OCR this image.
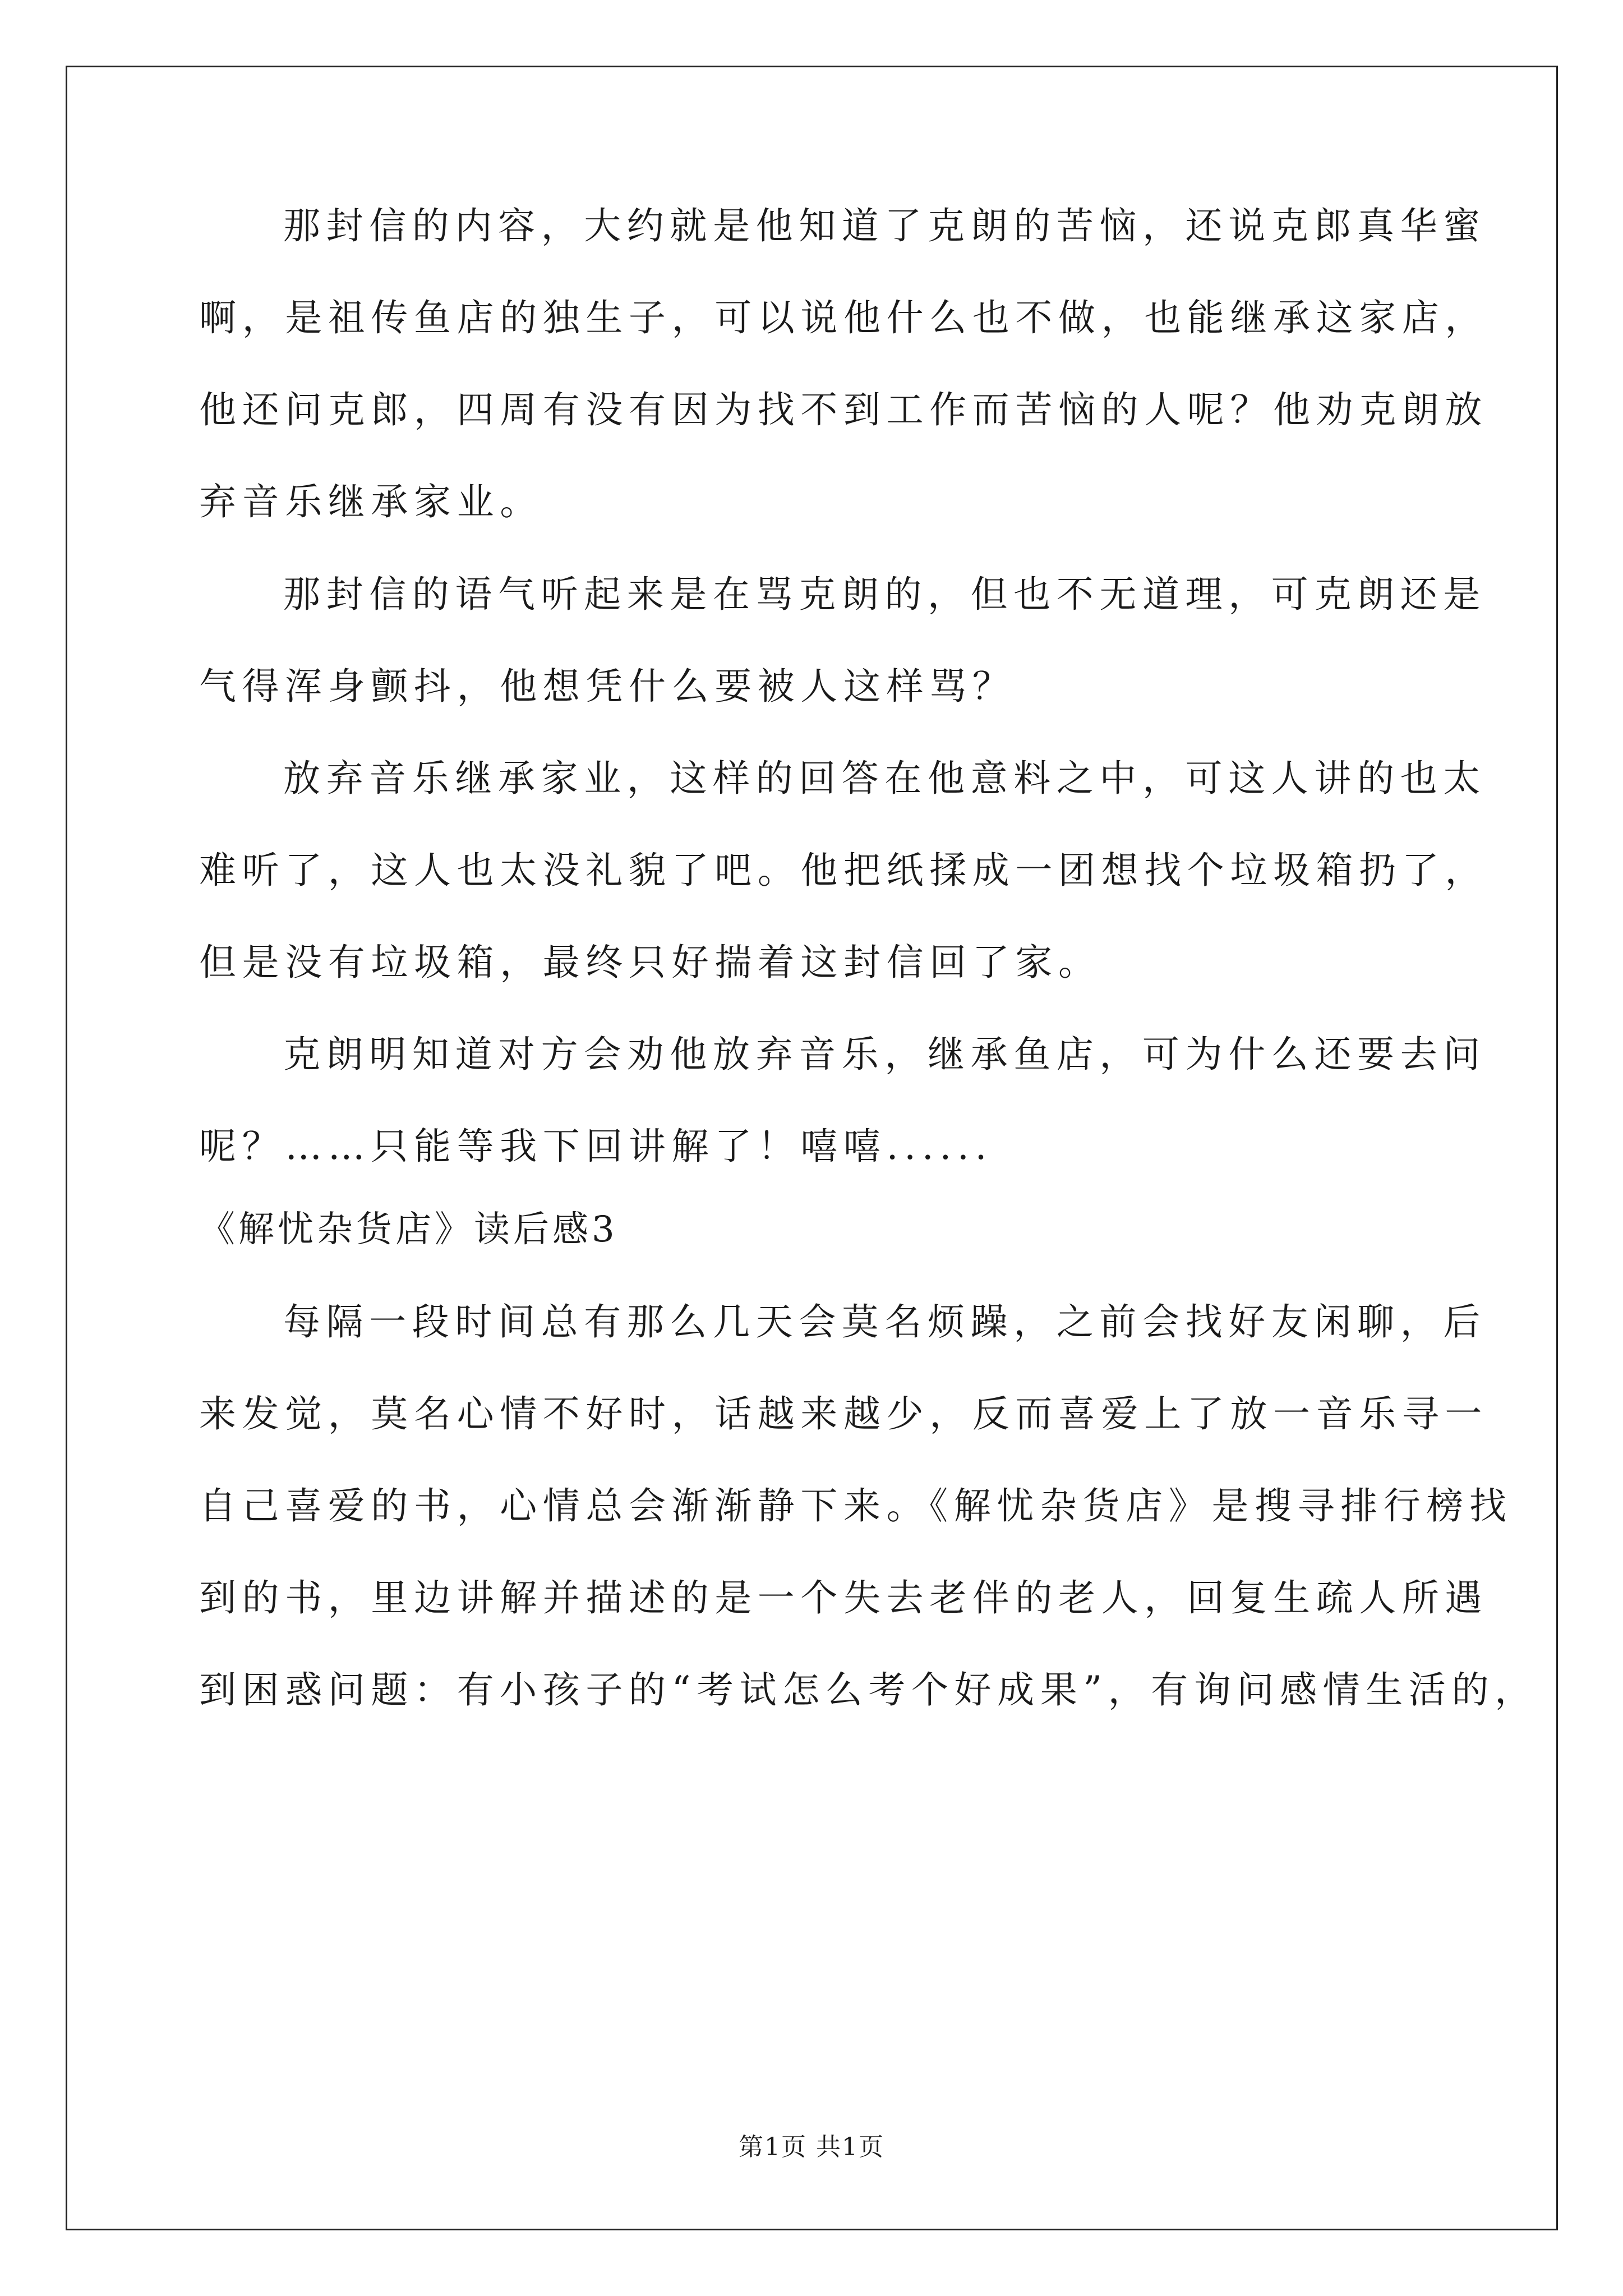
那封信的内容，大约就是他知道了克朗的苦恼，还说克郎真华蜜
啊，是祖传鱼店的独生子，可以说他什么也不做，也能继承这家店，
他还问克郎，四周有没有因为找不到工作而苦恼的人呢？他劝克朗放
弃音乐继承家业。
那封信的语气听起来是在骂克朗的，但也不无道理，可克朗还是
气得浑身颤抖，他想凭什么要被人这样骂？
放弃音乐继承家业，这样的回答在他意料之中，可这人讲的也太
难听了，这人也太没礼貌了吧。他把纸揉成一团想找个垃圾箱扔了，
但是没有垃圾箱，最终只好揣着这封信回了家。
克朗明知道对方会劝他放弃音乐，继承鱼店，可为什么还要去问
呢？……只能等我下回讲解了！嘻嘻......
《解忧杂货店》读后感3
每隔一段时间总有那么几天会莫名烦躁，之前会找好友闲聊，后
来发觉，莫名心情不好时，话越来越少，反而喜爱上了放一音乐寻一
自己喜爱的书，心情总会渐渐静下来。《解忧杂货店》是搜寻排行榜找
到的书，里边讲解并描述的是一个失去老伴的老人，回复生疏人所遇
到困惑问题：有小孩子的“考试怎么考个好成果”，有询问感情生活的，
第1页 共1页
